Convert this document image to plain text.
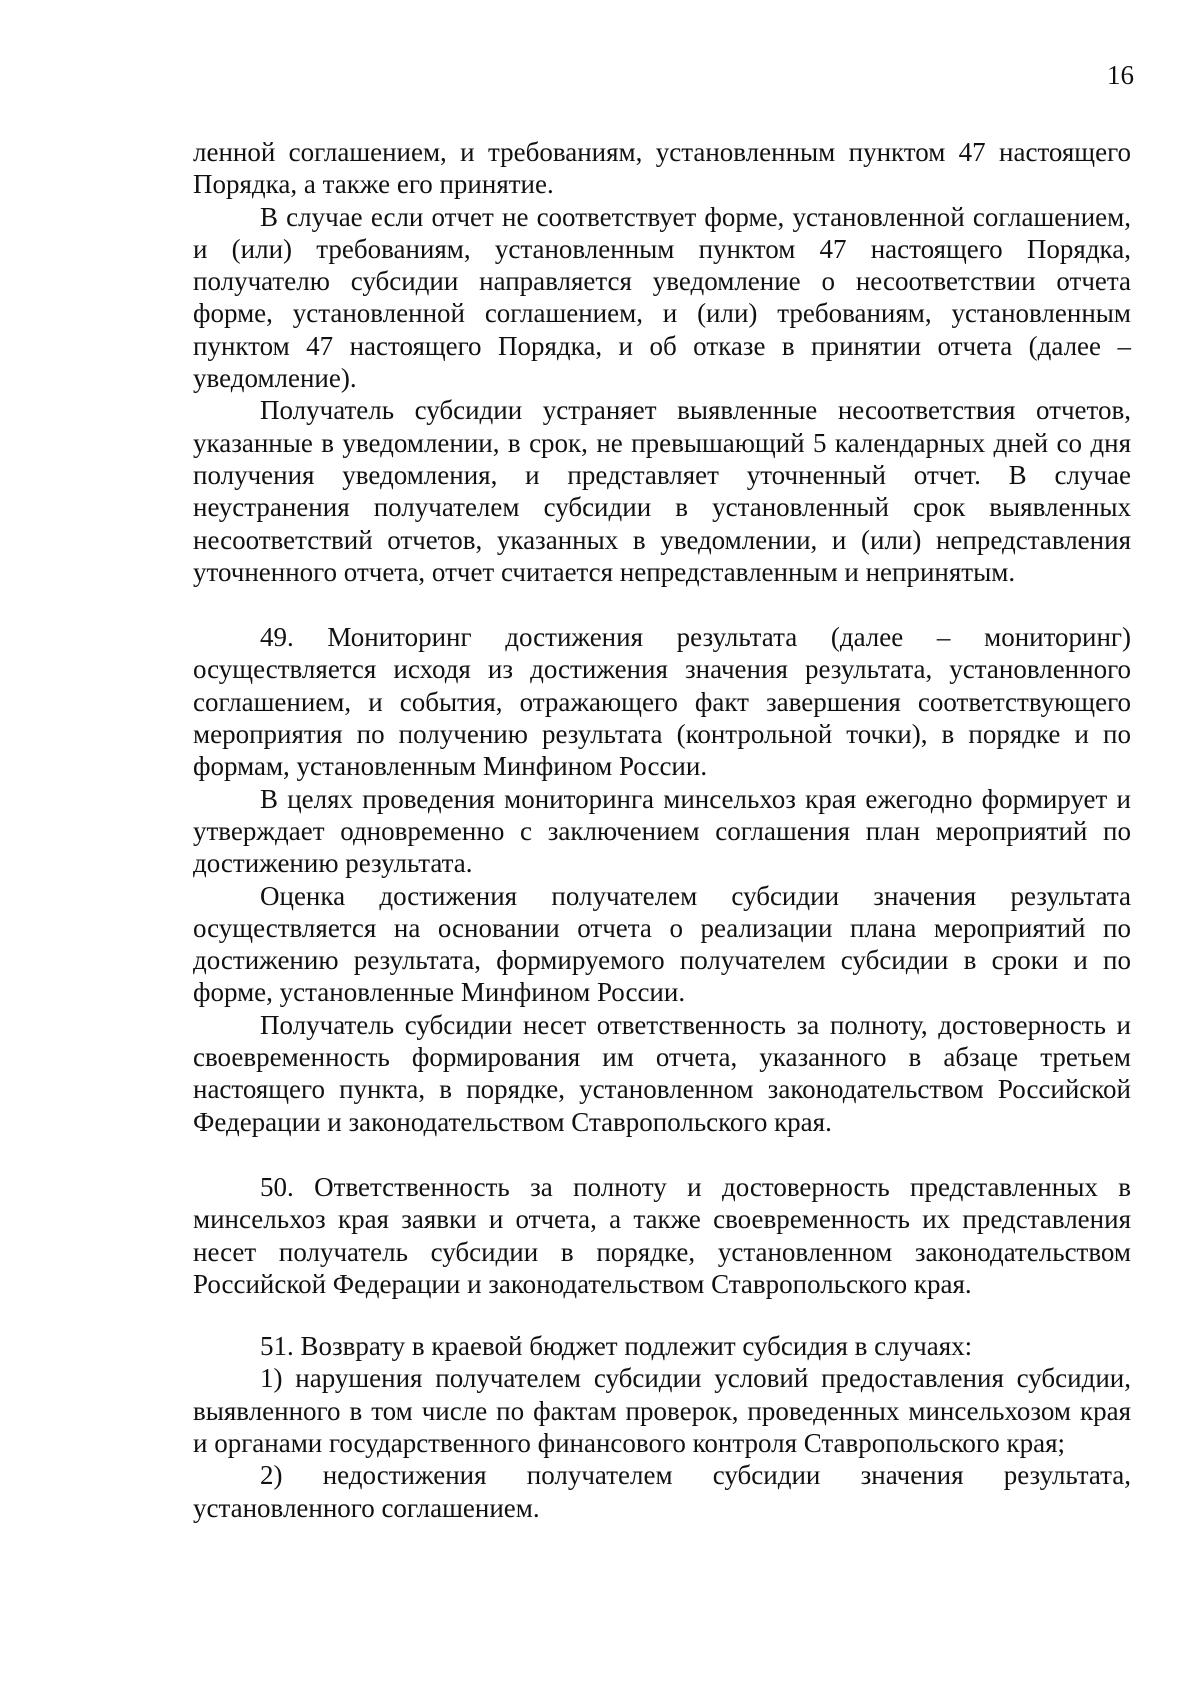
16

ленной соглашением, и требованиям, установленным пунктом 47 настоящего Порядка, а также его принятие.

В случае если отчет не соответствует форме, установленной соглашением, и (или) требованиям, установленным пунктом 47 настоящего Порядка, получателю субсидии направляется уведомление о несоответствии отчета форме, установленной соглашением, и (или) требованиям, установленным пунктом 47 настоящего Порядка, и об отказе в принятии отчета (далее – уведомление).

Получатель субсидии устраняет выявленные несоответствия отчетов, указанные в уведомлении, в срок, не превышающий 5 календарных дней со дня получения уведомления, и представляет уточненный отчет. В случае неустранения получателем субсидии в установленный срок выявленных несоответствий отчетов, указанных в уведомлении, и (или) непредставления уточненного отчета, отчет считается непредставленным и непринятым.

49. Мониторинг достижения результата (далее – мониторинг) осуществляется исходя из достижения значения результата, установленного соглашением, и события, отражающего факт завершения соответствующего мероприятия по получению результата (контрольной точки), в порядке и по формам, установленным Минфином России.

В целях проведения мониторинга минсельхоз края ежегодно формирует и утверждает одновременно с заключением соглашения план мероприятий по достижению результата.

Оценка достижения получателем субсидии значения результата осуществляется на основании отчета о реализации плана мероприятий по достижению результата, формируемого получателем субсидии в сроки и по форме, установленные Минфином России.

Получатель субсидии несет ответственность за полноту, достоверность и своевременность формирования им отчета, указанного в абзаце третьем настоящего пункта, в порядке, установленном законодательством Российской Федерации и законодательством Ставропольского края.

50. Ответственность за полноту и достоверность представленных в минсельхоз края заявки и отчета, а также своевременность их представления несет получатель субсидии в порядке, установленном законодательством Российской Федерации и законодательством Ставропольского края.

51. Возврату в краевой бюджет подлежит субсидия в случаях:

1) нарушения получателем субсидии условий предоставления субсидии, выявленного в том числе по фактам проверок, проведенных минсельхозом края и органами государственного финансового контроля Ставропольского края;

2) недостижения получателем субсидии значения результата, установленного соглашением.
